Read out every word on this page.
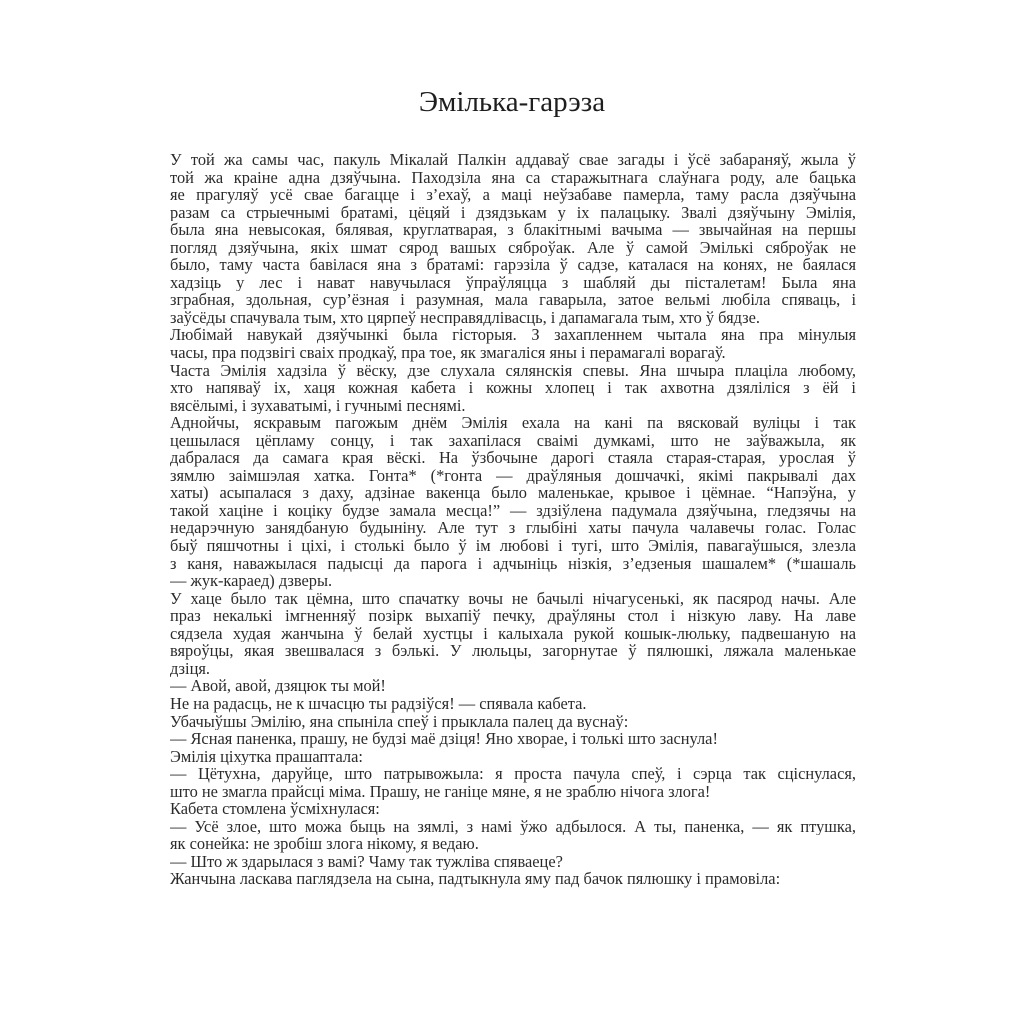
Эмілька-гарэза
У той жа самы час, пакуль Мікалай Палкін аддаваў свае загады і ўсё забараняў, жыла ў
той жа краіне адна дзяўчына. Паходзіла яна са старажытнага слаўнага роду, але бацька
яе прагуляў усё свае багацце і з’ехаў, а маці неўзабаве памерла, таму расла дзяўчына
разам са стрыечнымі братамі, цёцяй і дзядзькам у іх палацыку. Звалі дзяўчыну Эмілія,
была яна невысокая, бялявая, круглатварая, з блакітнымі вачыма — звычайная на першы
погляд дзяўчына, якіх шмат сярод вашых сяброўак. Але ў самой Эмількі сяброўак не
было, таму часта бавілася яна з братамі: гарэзіла ў садзе, каталася на конях, не баялася
хадзіць у лес і нават навучылася ўпраўляцца з шабляй ды пісталетам! Была яна
зграбная, здольная, сур’ёзная і разумная, мала гаварыла, затое вельмі любіла спяваць, і
заўсёды спачувала тым, хто цярпеў несправядлівасць, і дапамагала тым, хто ў бядзе.
Любімай навукай дзяўчынкі была гісторыя. З захапленнем чытала яна пра мінулыя
часы, пра подзвігі сваіх продкаў, пра тое, як змагаліся яны і перамагалі ворагаў.
Часта Эмілія хадзіла ў вёску, дзе слухала сялянскія спевы. Яна шчыра плаціла любому,
хто напяваў іх, хаця кожная кабета і кожны хлопец і так ахвотна дзяліліся з ёй і
вясёлымі, і зухаватымі, і гучнымі песнямі.
Аднойчы, яскравым пагожым днём Эмілія ехала на кані па вясковай вуліцы і так
цешылася цёпламу сонцу, і так захапілася сваімі думкамі, што не заўважыла, як
дабралася да самага края вёскі. На ўзбочыне дарогі стаяла старая-старая, урослая ў
зямлю заімшэлая хатка. Гонта* (*гонта — драўляныя дошчачкі, якімі пакрывалі дах
хаты) асыпалася з даху, адзінае вакенца было маленькае, крывое і цёмнае. “Напэўна, у
такой хаціне і коціку будзе замала месца!” — здзіўлена падумала дзяўчына, гледзячы на
недарэчную занядбаную будыніну. Але тут з глыбіні хаты пачула чалавечы голас. Голас
быў пяшчотны і ціхі, і столькі было ў ім любові і тугі, што Эмілія, павагаўшыся, злезла
з каня, наважылася падысці да парога і адчыніць нізкія, з’едзеныя шашалем* (*шашаль
— жук-караед) дзверы.
У хаце было так цёмна, што спачатку вочы не бачылі нічагусенькі, як пасярод начы. Але
праз некалькі імгненняў позірк выхапіў печку, драўляны стол і нізкую лаву. На лаве
сядзела худая жанчына ў белай хустцы і калыхала рукой кошык-люльку, падвешаную на
вяроўцы, якая звешвалася з бэлькі. У люльцы, загорнутае ў пялюшкі, ляжала маленькае
дзіця.
— Авой, авой, дзяцюк ты мой!
Не на радасць, не к шчасцю ты радзіўся! — спявала кабета.
Убачыўшы Эмілію, яна спыніла спеў і прыклала палец да вуснаў:
— Ясная паненка, прашу, не будзі маё дзіця! Яно хворае, і толькі што заснула!
Эмілія ціхутка прашаптала:
— Цётухна, даруйце, што патрывожыла: я проста пачула спеў, і сэрца так сціснулася,
што не змагла прайсці міма. Прашу, не ганіце мяне, я не зраблю нічога злога!
Кабета стомлена ўсміхнулася:
— Усё злое, што можа быць на зямлі, з намі ўжо адбылося. А ты, паненка, — як птушка,
як сонейка: не зробіш злога нікому, я ведаю.
— Што ж здарылася з вамі? Чаму так тужліва спяваеце?
Жанчына ласкава паглядзела на сына, падтыкнула яму пад бачок пялюшку і прамовіла:
